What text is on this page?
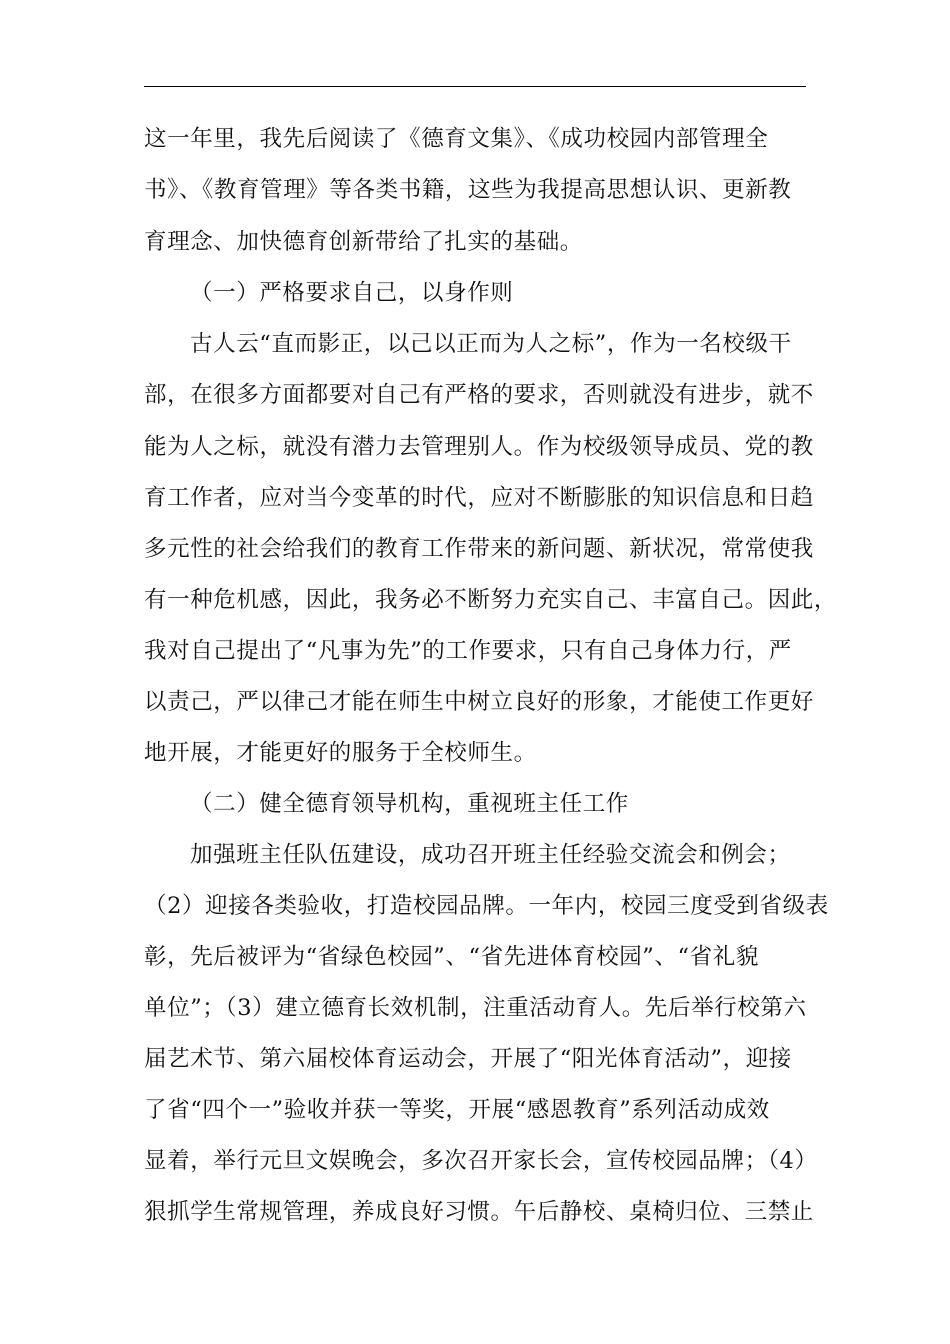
这一年里，我先后阅读了《德育文集》、《成功校园内部管理全
书》、《教育管理》等各类书籍，这些为我提高思想认识、更新教
育理念、加快德育创新带给了扎实的基础。
（一）严格要求自己，以身作则
古人云“直而影正，以己以正而为人之标”，作为一名校级干
部，在很多方面都要对自己有严格的要求，否则就没有进步，就不
能为人之标，就没有潜力去管理别人。作为校级领导成员、党的教
育工作者，应对当今变革的时代，应对不断膨胀的知识信息和日趋
多元性的社会给我们的教育工作带来的新问题、新状况，常常使我
有一种危机感，因此，我务必不断努力充实自己、丰富自己。因此，
我对自己提出了“凡事为先”的工作要求，只有自己身体力行，严
以责己，严以律己才能在师生中树立良好的形象，才能使工作更好
地开展，才能更好的服务于全校师生。
（二）健全德育领导机构，重视班主任工作
加强班主任队伍建设，成功召开班主任经验交流会和例会；
（2）迎接各类验收，打造校园品牌。一年内，校园三度受到省级表
彰，先后被评为“省绿色校园”、“省先进体育校园”、“省礼貌
单位”；（3）建立德育长效机制，注重活动育人。先后举行校第六
届艺术节、第六届校体育运动会，开展了“阳光体育活动”，迎接
了省“四个一”验收并获一等奖，开展“感恩教育”系列活动成效
显着，举行元旦文娱晚会，多次召开家长会，宣传校园品牌；（4）
狠抓学生常规管理，养成良好习惯。午后静校、桌椅归位、三禁止
